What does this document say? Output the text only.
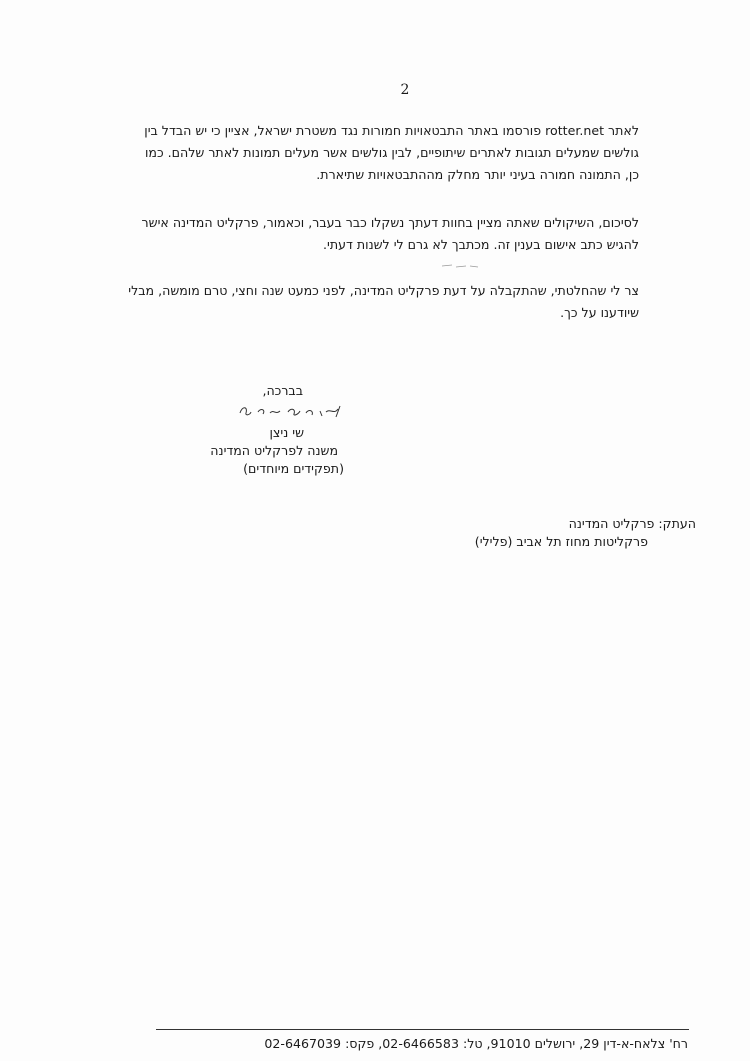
2
לאתר rotter.net פורסמו באתר התבטאויות חמורות נגד משטרת ישראל, אציין כי יש הבדל בין
גולשים שמעלים תגובות לאתרים שיתופיים, לבין גולשים אשר מעלים תמונות לאתר שלהם. כמו
כן, התמונה חמורה בעיני יותר מחלק מההתבטאויות שתיארת.
לסיכום, השיקולים שאתה מציין בחוות דעתך נשקלו כבר בעבר, וכאמור, פרקליט המדינה אישר
להגיש כתב אישום בענין זה. מכתבך לא גרם לי לשנות דעתי.
צר לי שהחלטתי, שהתקבלה על דעת פרקליט המדינה, לפני כמעט שנה וחצי, טרם מומשה, מבלי
שיודענו על כך.
בברכה,
שי ניצן
משנה לפרקליט המדינה
(תפקידים מיוחדים)
העתק: פרקליט המדינה
פרקליטות מחוז תל אביב (פלילי)
רח' צלאח-א-דין 29, ירושלים 91010, טל: 02-6466583, פקס: 02-6467039
